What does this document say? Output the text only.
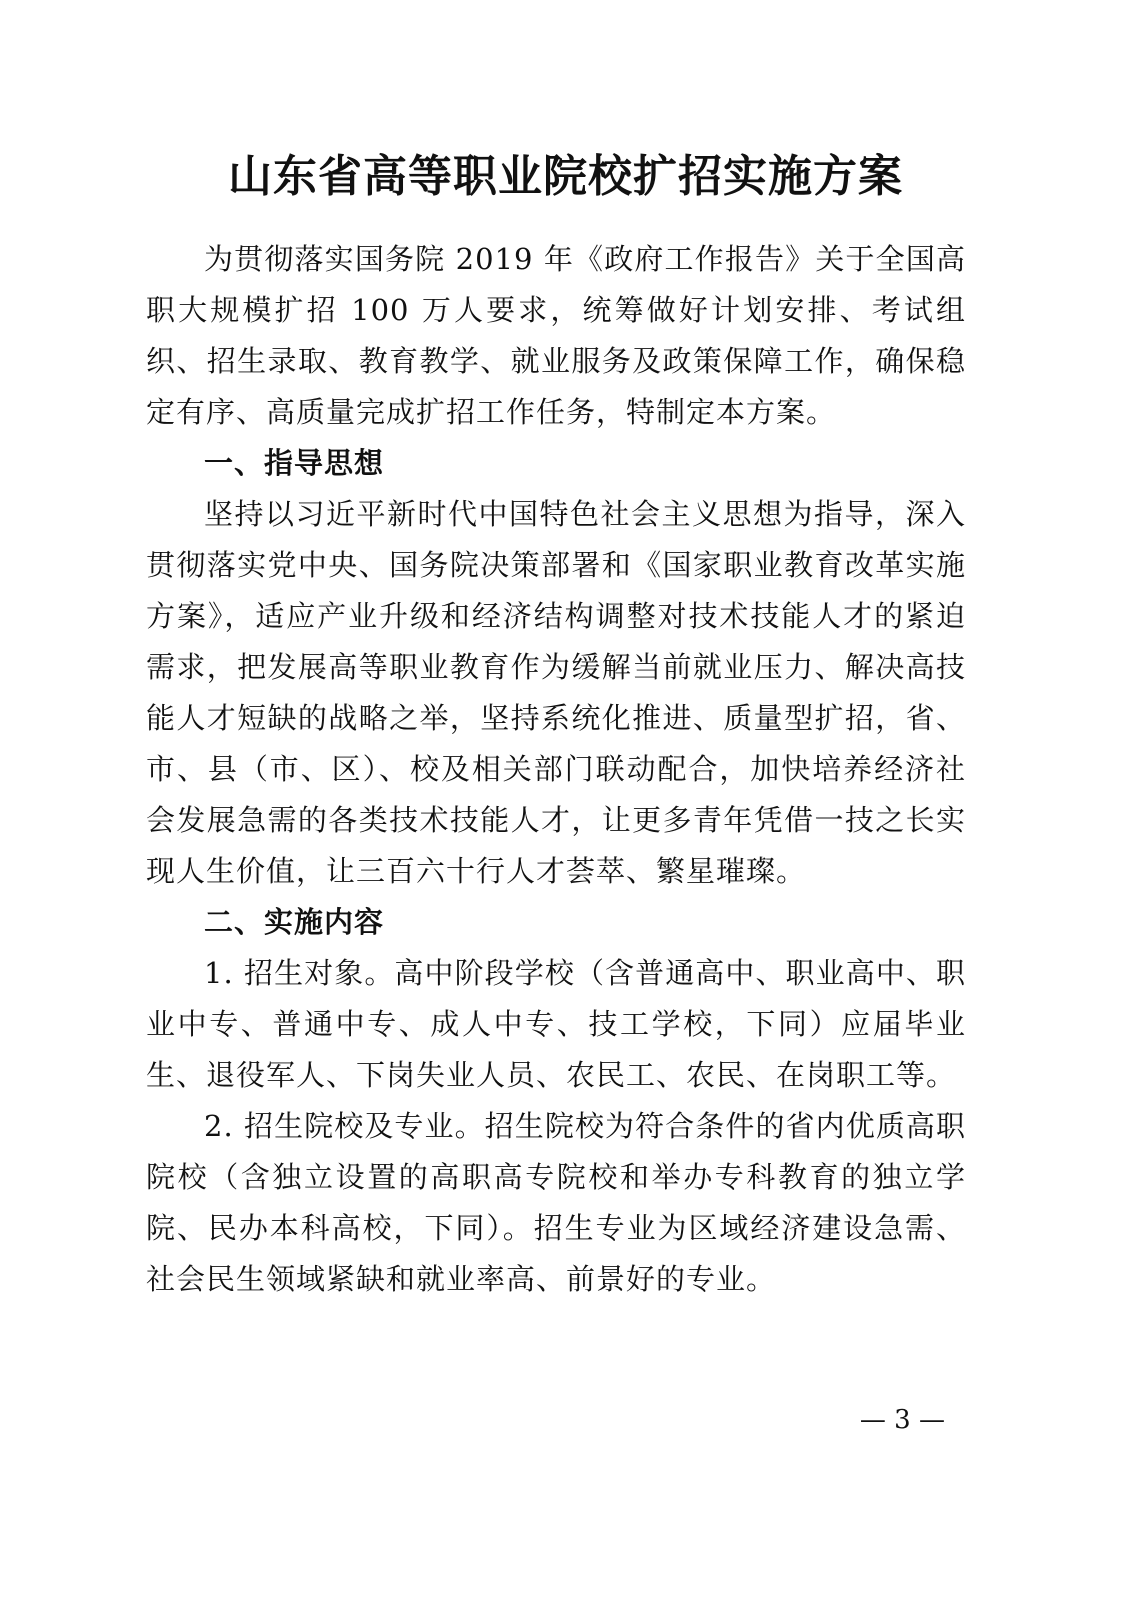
山东省高等职业院校扩招实施方案

为贯彻落实国务院 2019 年《政府工作报告》关于全国高职大规模扩招 100 万人要求，统筹做好计划安排、考试组织、招生录取、教育教学、就业服务及政策保障工作，确保稳定有序、高质量完成扩招工作任务，特制定本方案。

一、指导思想

坚持以习近平新时代中国特色社会主义思想为指导，深入贯彻落实党中央、国务院决策部署和《国家职业教育改革实施方案》，适应产业升级和经济结构调整对技术技能人才的紧迫需求，把发展高等职业教育作为缓解当前就业压力、解决高技能人才短缺的战略之举，坚持系统化推进、质量型扩招，省、市、县（市、区）、校及相关部门联动配合，加快培养经济社会发展急需的各类技术技能人才，让更多青年凭借一技之长实现人生价值，让三百六十行人才荟萃、繁星璀璨。

二、实施内容

1. 招生对象。高中阶段学校（含普通高中、职业高中、职业中专、普通中专、成人中专、技工学校，下同）应届毕业生、退役军人、下岗失业人员、农民工、农民、在岗职工等。

2. 招生院校及专业。招生院校为符合条件的省内优质高职院校（含独立设置的高职高专院校和举办专科教育的独立学院、民办本科高校，下同）。招生专业为区域经济建设急需、社会民生领域紧缺和就业率高、前景好的专业。

— 3 —
